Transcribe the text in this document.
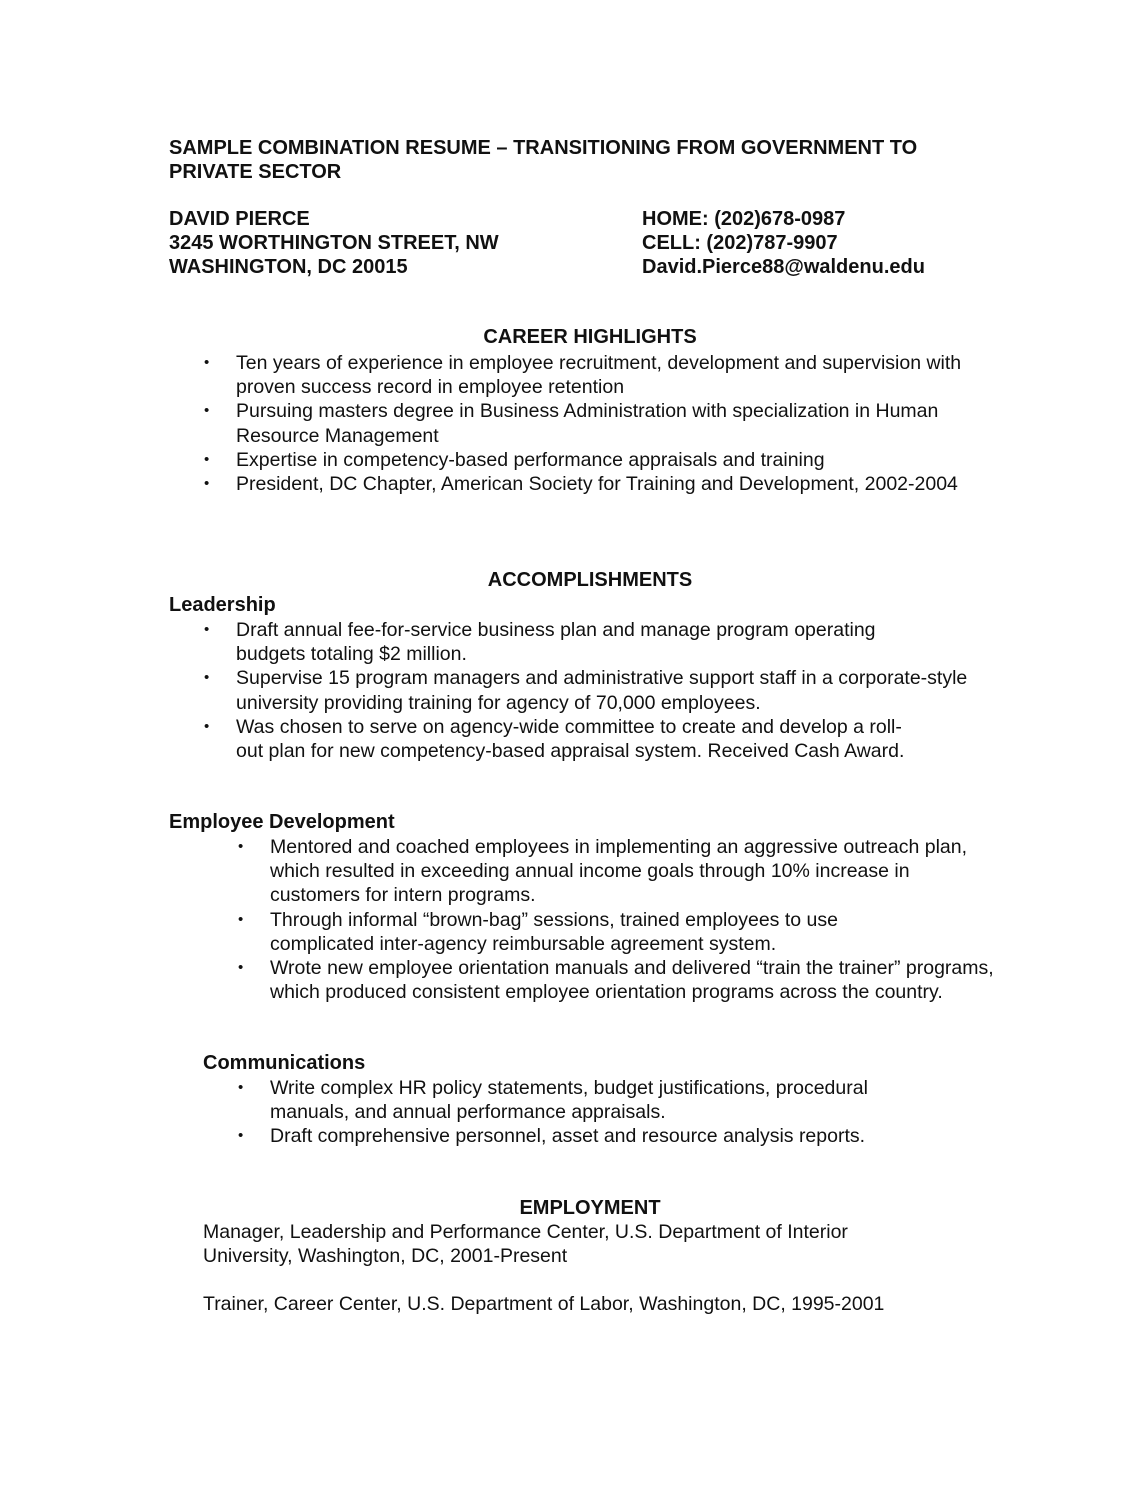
SAMPLE COMBINATION RESUME – TRANSITIONING FROM GOVERNMENT TO
PRIVATE SECTOR
DAVID PIERCE
3245 WORTHINGTON STREET, NW
WASHINGTON, DC 20015
HOME: (202)678-0987
CELL: (202)787-9907
David.Pierce88@waldenu.edu
CAREER HIGHLIGHTS
• Ten years of experience in employee recruitment, development and supervision with proven success record in employee retention
• Pursuing masters degree in Business Administration with specialization in Human Resource Management
• Expertise in competency-based performance appraisals and training
• President, DC Chapter, American Society for Training and Development, 2002-2004
ACCOMPLISHMENTS
Leadership
• Draft annual fee-for-service business plan and manage program operating budgets totaling $2 million.
• Supervise 15 program managers and administrative support staff in a corporate-style university providing training for agency of 70,000 employees.
• Was chosen to serve on agency-wide committee to create and develop a roll-out plan for new competency-based appraisal system. Received Cash Award.
Employee Development
• Mentored and coached employees in implementing an aggressive outreach plan, which resulted in exceeding annual income goals through 10% increase in customers for intern programs.
• Through informal “brown-bag” sessions, trained employees to use complicated inter-agency reimbursable agreement system.
• Wrote new employee orientation manuals and delivered “train the trainer” programs, which produced consistent employee orientation programs across the country.
Communications
• Write complex HR policy statements, budget justifications, procedural manuals, and annual performance appraisals.
• Draft comprehensive personnel, asset and resource analysis reports.
EMPLOYMENT
Manager, Leadership and Performance Center, U.S. Department of Interior
University, Washington, DC, 2001-Present
Trainer, Career Center, U.S. Department of Labor, Washington, DC, 1995-2001
